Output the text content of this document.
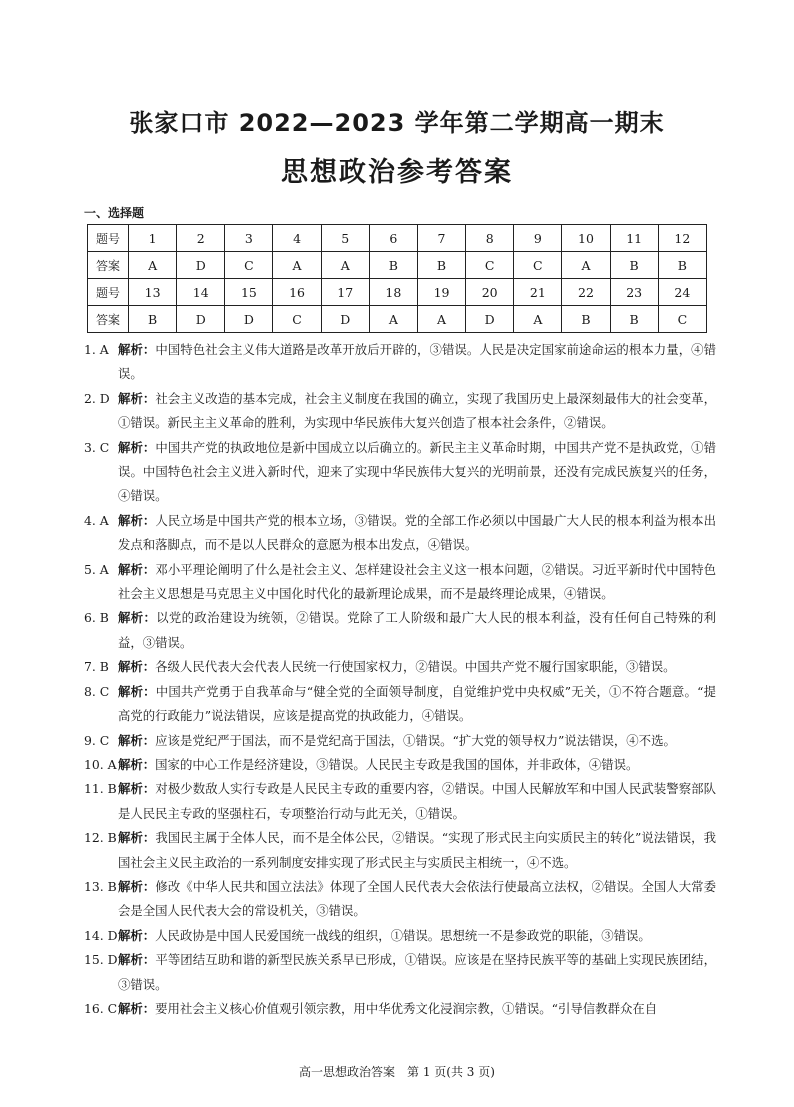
张家口市 2022—2023 学年第二学期高一期末
思想政治参考答案
一、选择题
题号	1	2	3	4	5	6	7	8	9	10	11	12
答案	A	D	C	A	A	B	B	C	C	A	B	B
题号	13	14	15	16	17	18	19	20	21	22	23	24
答案	B	D	D	C	D	A	A	D	A	B	B	C
1. A 解析：中国特色社会主义伟大道路是改革开放后开辟的，③错误。人民是决定国家前途命运的根本力量，④错误。
2. D 解析：社会主义改造的基本完成，社会主义制度在我国的确立，实现了我国历史上最深刻最伟大的社会变革，①错误。新民主主义革命的胜利，为实现中华民族伟大复兴创造了根本社会条件，②错误。
3. C 解析：中国共产党的执政地位是新中国成立以后确立的。新民主主义革命时期，中国共产党不是执政党，①错误。中国特色社会主义进入新时代，迎来了实现中华民族伟大复兴的光明前景，还没有完成民族复兴的任务，④错误。
4. A 解析：人民立场是中国共产党的根本立场，③错误。党的全部工作必须以中国最广大人民的根本利益为根本出发点和落脚点，而不是以人民群众的意愿为根本出发点，④错误。
5. A 解析：邓小平理论阐明了什么是社会主义、怎样建设社会主义这一根本问题，②错误。习近平新时代中国特色社会主义思想是马克思主义中国化时代化的最新理论成果，而不是最终理论成果，④错误。
6. B 解析：以党的政治建设为统领，②错误。党除了工人阶级和最广大人民的根本利益，没有任何自己特殊的利益，③错误。
7. B 解析：各级人民代表大会代表人民统一行使国家权力，②错误。中国共产党不履行国家职能，③错误。
8. C 解析：中国共产党勇于自我革命与“健全党的全面领导制度，自觉维护党中央权威”无关，①不符合题意。“提高党的行政能力”说法错误，应该是提高党的执政能力，④错误。
9. C 解析：应该是党纪严于国法，而不是党纪高于国法，①错误。“扩大党的领导权力”说法错误，④不选。
10. A 解析：国家的中心工作是经济建设，③错误。人民民主专政是我国的国体，并非政体，④错误。
11. B 解析：对极少数敌人实行专政是人民民主专政的重要内容，②错误。中国人民解放军和中国人民武装警察部队是人民民主专政的坚强柱石，专项整治行动与此无关，①错误。
12. B 解析：我国民主属于全体人民，而不是全体公民，②错误。“实现了形式民主向实质民主的转化”说法错误，我国社会主义民主政治的一系列制度安排实现了形式民主与实质民主相统一，④不选。
13. B 解析：修改《中华人民共和国立法法》体现了全国人民代表大会依法行使最高立法权，②错误。全国人大常委会是全国人民代表大会的常设机关，③错误。
14. D 解析：人民政协是中国人民爱国统一战线的组织，①错误。思想统一不是参政党的职能，③错误。
15. D 解析：平等团结互助和谐的新型民族关系早已形成，①错误。应该是在坚持民族平等的基础上实现民族团结，③错误。
16. C 解析：要用社会主义核心价值观引领宗教，用中华优秀文化浸润宗教，①错误。“引导信教群众在自
高一思想政治答案　第 1 页(共 3 页)
